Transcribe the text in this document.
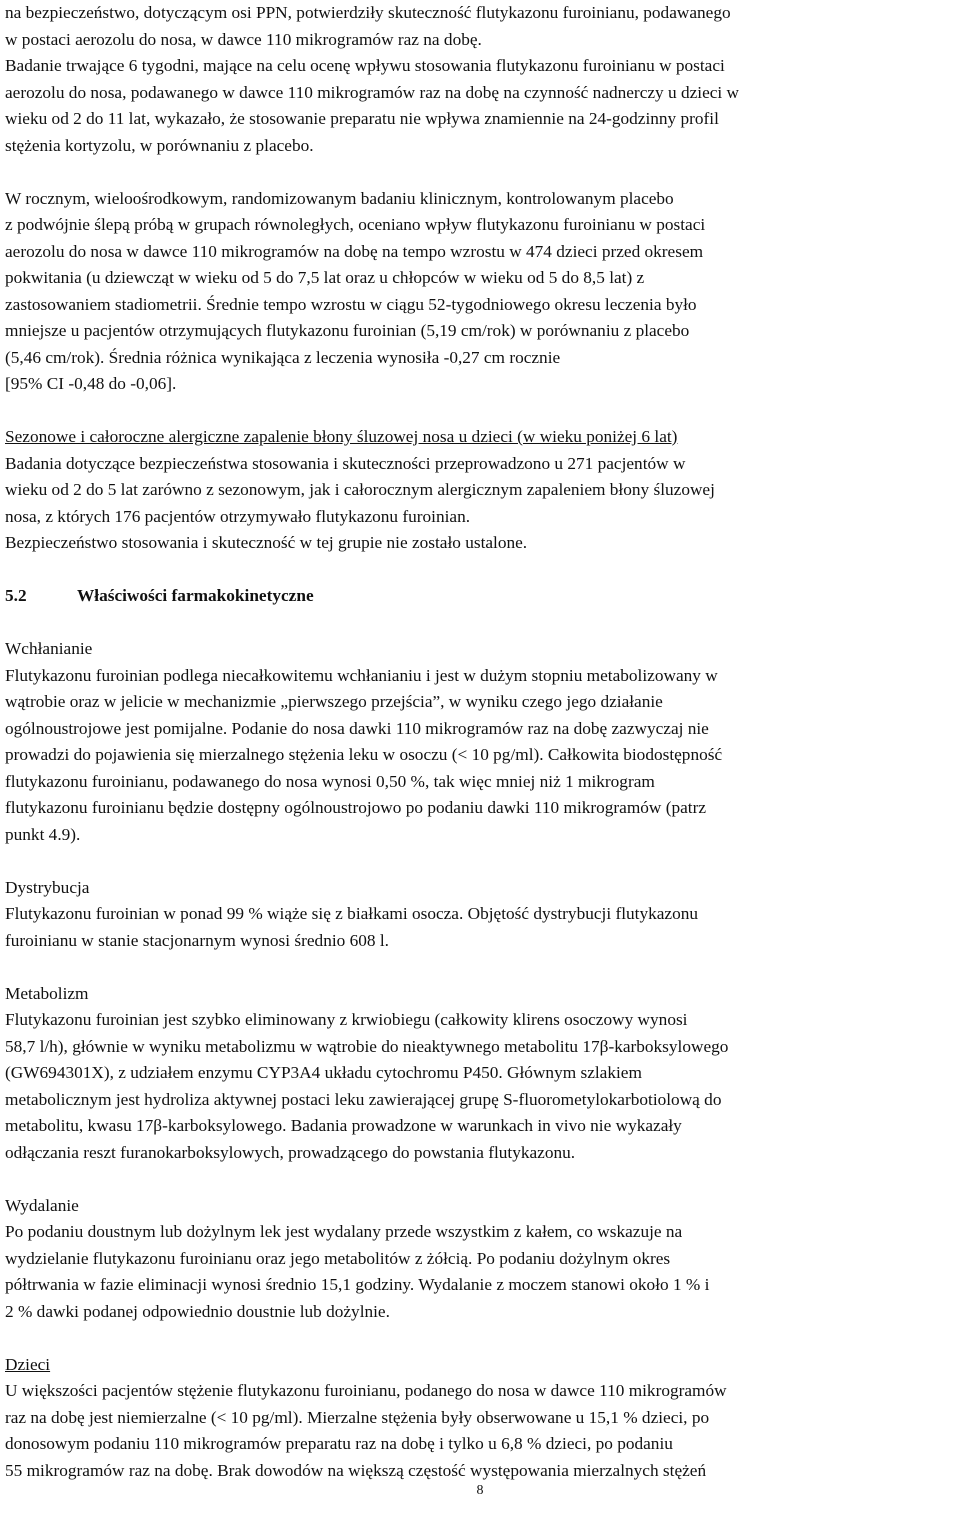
na bezpieczeństwo, dotyczącym osi PPN, potwierdziły skuteczność flutykazonu furoinianu, podawanego
w postaci aerozolu do nosa, w dawce 110 mikrogramów raz na dobę.

Badanie trwające 6 tygodni, mające na celu ocenę wpływu stosowania flutykazonu furoinianu w postaci
aerozolu do nosa, podawanego w dawce 110 mikrogramów raz na dobę na czynność nadnerczy u dzieci w
wieku od 2 do 11 lat, wykazało, że stosowanie preparatu nie wpływa znamiennie na 24-godzinny profil
stężenia kortyzolu, w porównaniu z placebo.

W rocznym, wieloośrodkowym, randomizowanym badaniu klinicznym, kontrolowanym placebo
z podwójnie ślepą próbą w grupach równoległych, oceniano wpływ flutykazonu furoinianu w postaci
aerozolu do nosa w dawce 110 mikrogramów na dobę na tempo wzrostu w 474 dzieci przed okresem
pokwitania (u dziewcząt w wieku od 5 do 7,5 lat oraz u chłopców w wieku od 5 do 8,5 lat) z
zastosowaniem stadiometrii. Średnie tempo wzrostu w ciągu 52-tygodniowego okresu leczenia było
mniejsze u pacjentów otrzymujących flutykazonu furoinian (5,19 cm/rok) w porównaniu z placebo
(5,46 cm/rok). Średnia różnica wynikająca z leczenia wynosiła -0,27 cm rocznie
[95% CI -0,48 do -0,06].

Sezonowe i całoroczne alergiczne zapalenie błony śluzowej nosa u dzieci (w wieku poniżej 6 lat)
Badania dotyczące bezpieczeństwa stosowania i skuteczności przeprowadzono u 271 pacjentów w
wieku od 2 do 5 lat zarówno z sezonowym, jak i całorocznym alergicznym zapaleniem błony śluzowej
nosa, z których 176 pacjentów otrzymywało flutykazonu furoinian.
Bezpieczeństwo stosowania i skuteczność w tej grupie nie zostało ustalone.

5.2	Właściwości farmakokinetyczne

Wchłanianie
Flutykazonu furoinian podlega niecałkowitemu wchłanianiu i jest w dużym stopniu metabolizowany w
wątrobie oraz w jelicie w mechanizmie „pierwszego przejścia”, w wyniku czego jego działanie
ogólnoustrojowe jest pomijalne. Podanie do nosa dawki 110 mikrogramów raz na dobę zazwyczaj nie
prowadzi do pojawienia się mierzalnego stężenia leku w osoczu (< 10 pg/ml). Całkowita biodostępność
flutykazonu furoinianu, podawanego do nosa wynosi 0,50 %, tak więc mniej niż 1 mikrogram
flutykazonu furoinianu będzie dostępny ogólnoustrojowo po podaniu dawki 110 mikrogramów (patrz
punkt 4.9).

Dystrybucja
Flutykazonu furoinian w ponad 99 % wiąże się z białkami osocza. Objętość dystrybucji flutykazonu
furoinianu w stanie stacjonarnym wynosi średnio 608 l.

Metabolizm
Flutykazonu furoinian jest szybko eliminowany z krwiobiegu (całkowity klirens osoczowy wynosi
58,7 l/h), głównie w wyniku metabolizmu w wątrobie do nieaktywnego metabolitu 17β-karboksylowego
(GW694301X), z udziałem enzymu CYP3A4 układu cytochromu P450. Głównym szlakiem
metabolicznym jest hydroliza aktywnej postaci leku zawierającej grupę S-fluorometylokarbotiolową do
metabolitu, kwasu 17β-karboksylowego. Badania prowadzone w warunkach in vivo nie wykazały
odłączania reszt furanokarboksylowych, prowadzącego do powstania flutykazonu.

Wydalanie
Po podaniu doustnym lub dożylnym lek jest wydalany przede wszystkim z kałem, co wskazuje na
wydzielanie flutykazonu furoinianu oraz jego metabolitów z żółcią. Po podaniu dożylnym okres
półtrwania w fazie eliminacji wynosi średnio 15,1 godziny. Wydalanie z moczem stanowi około 1 % i
2 % dawki podanej odpowiednio doustnie lub dożylnie.

Dzieci
U większości pacjentów stężenie flutykazonu furoinianu, podanego do nosa w dawce 110 mikrogramów
raz na dobę jest niemierzalne (< 10 pg/ml). Mierzalne stężenia były obserwowane u 15,1 % dzieci, po
donosowym podaniu 110 mikrogramów preparatu raz na dobę i tylko u 6,8 % dzieci, po podaniu
55 mikrogramów raz na dobę. Brak dowodów na większą częstość występowania mierzalnych stężeń

8
